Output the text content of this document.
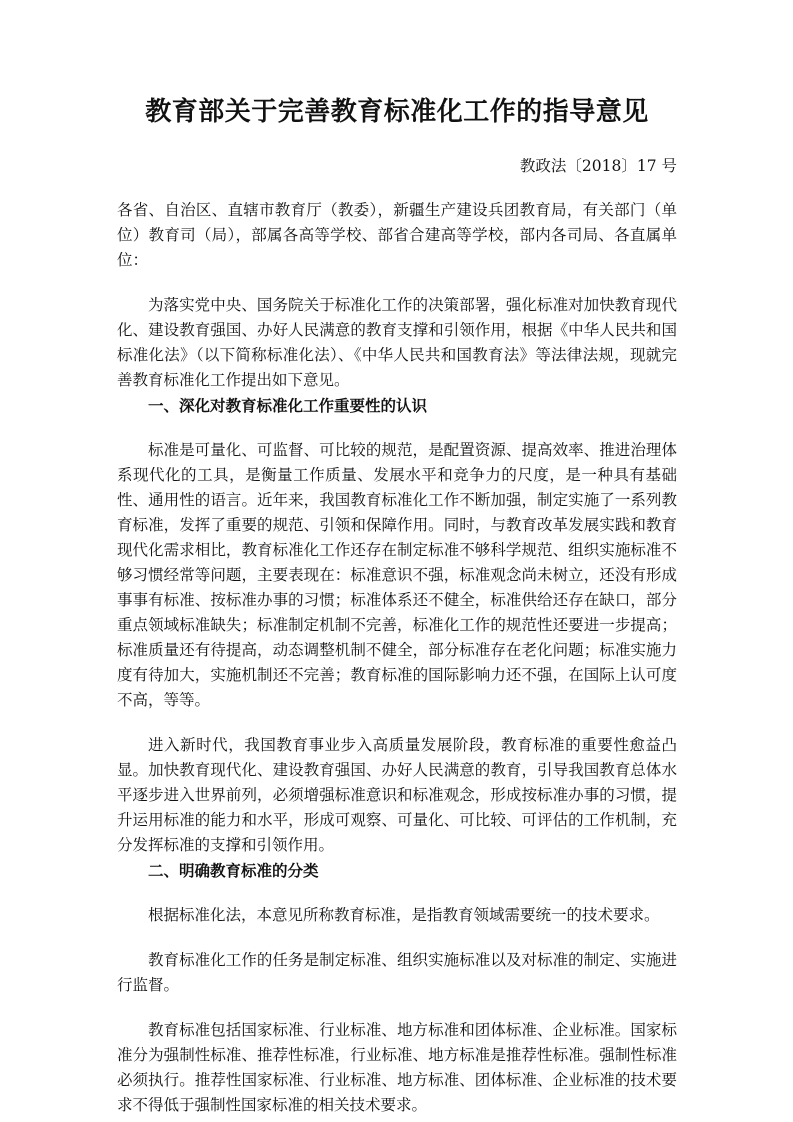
教育部关于完善教育标准化工作的指导意见

教政法〔2018〕17 号

各省、自治区、直辖市教育厅（教委），新疆生产建设兵团教育局，有关部门（单位）教育司（局），部属各高等学校、部省合建高等学校，部内各司局、各直属单位：

为落实党中央、国务院关于标准化工作的决策部署，强化标准对加快教育现代化、建设教育强国、办好人民满意的教育支撑和引领作用，根据《中华人民共和国标准化法》（以下简称标准化法）、《中华人民共和国教育法》等法律法规，现就完善教育标准化工作提出如下意见。

一、深化对教育标准化工作重要性的认识

标准是可量化、可监督、可比较的规范，是配置资源、提高效率、推进治理体系现代化的工具，是衡量工作质量、发展水平和竞争力的尺度，是一种具有基础性、通用性的语言。近年来，我国教育标准化工作不断加强，制定实施了一系列教育标准，发挥了重要的规范、引领和保障作用。同时，与教育改革发展实践和教育现代化需求相比，教育标准化工作还存在制定标准不够科学规范、组织实施标准不够习惯经常等问题，主要表现在：标准意识不强，标准观念尚未树立，还没有形成事事有标准、按标准办事的习惯；标准体系还不健全，标准供给还存在缺口，部分重点领域标准缺失；标准制定机制不完善，标准化工作的规范性还要进一步提高；标准质量还有待提高，动态调整机制不健全，部分标准存在老化问题；标准实施力度有待加大，实施机制还不完善；教育标准的国际影响力还不强，在国际上认可度不高，等等。

进入新时代，我国教育事业步入高质量发展阶段，教育标准的重要性愈益凸显。加快教育现代化、建设教育强国、办好人民满意的教育，引导我国教育总体水平逐步进入世界前列，必须增强标准意识和标准观念，形成按标准办事的习惯，提升运用标准的能力和水平，形成可观察、可量化、可比较、可评估的工作机制，充分发挥标准的支撑和引领作用。

二、明确教育标准的分类

根据标准化法，本意见所称教育标准，是指教育领域需要统一的技术要求。

教育标准化工作的任务是制定标准、组织实施标准以及对标准的制定、实施进行监督。

教育标准包括国家标准、行业标准、地方标准和团体标准、企业标准。国家标准分为强制性标准、推荐性标准，行业标准、地方标准是推荐性标准。强制性标准必须执行。推荐性国家标准、行业标准、地方标准、团体标准、企业标准的技术要求不得低于强制性国家标准的相关技术要求。
